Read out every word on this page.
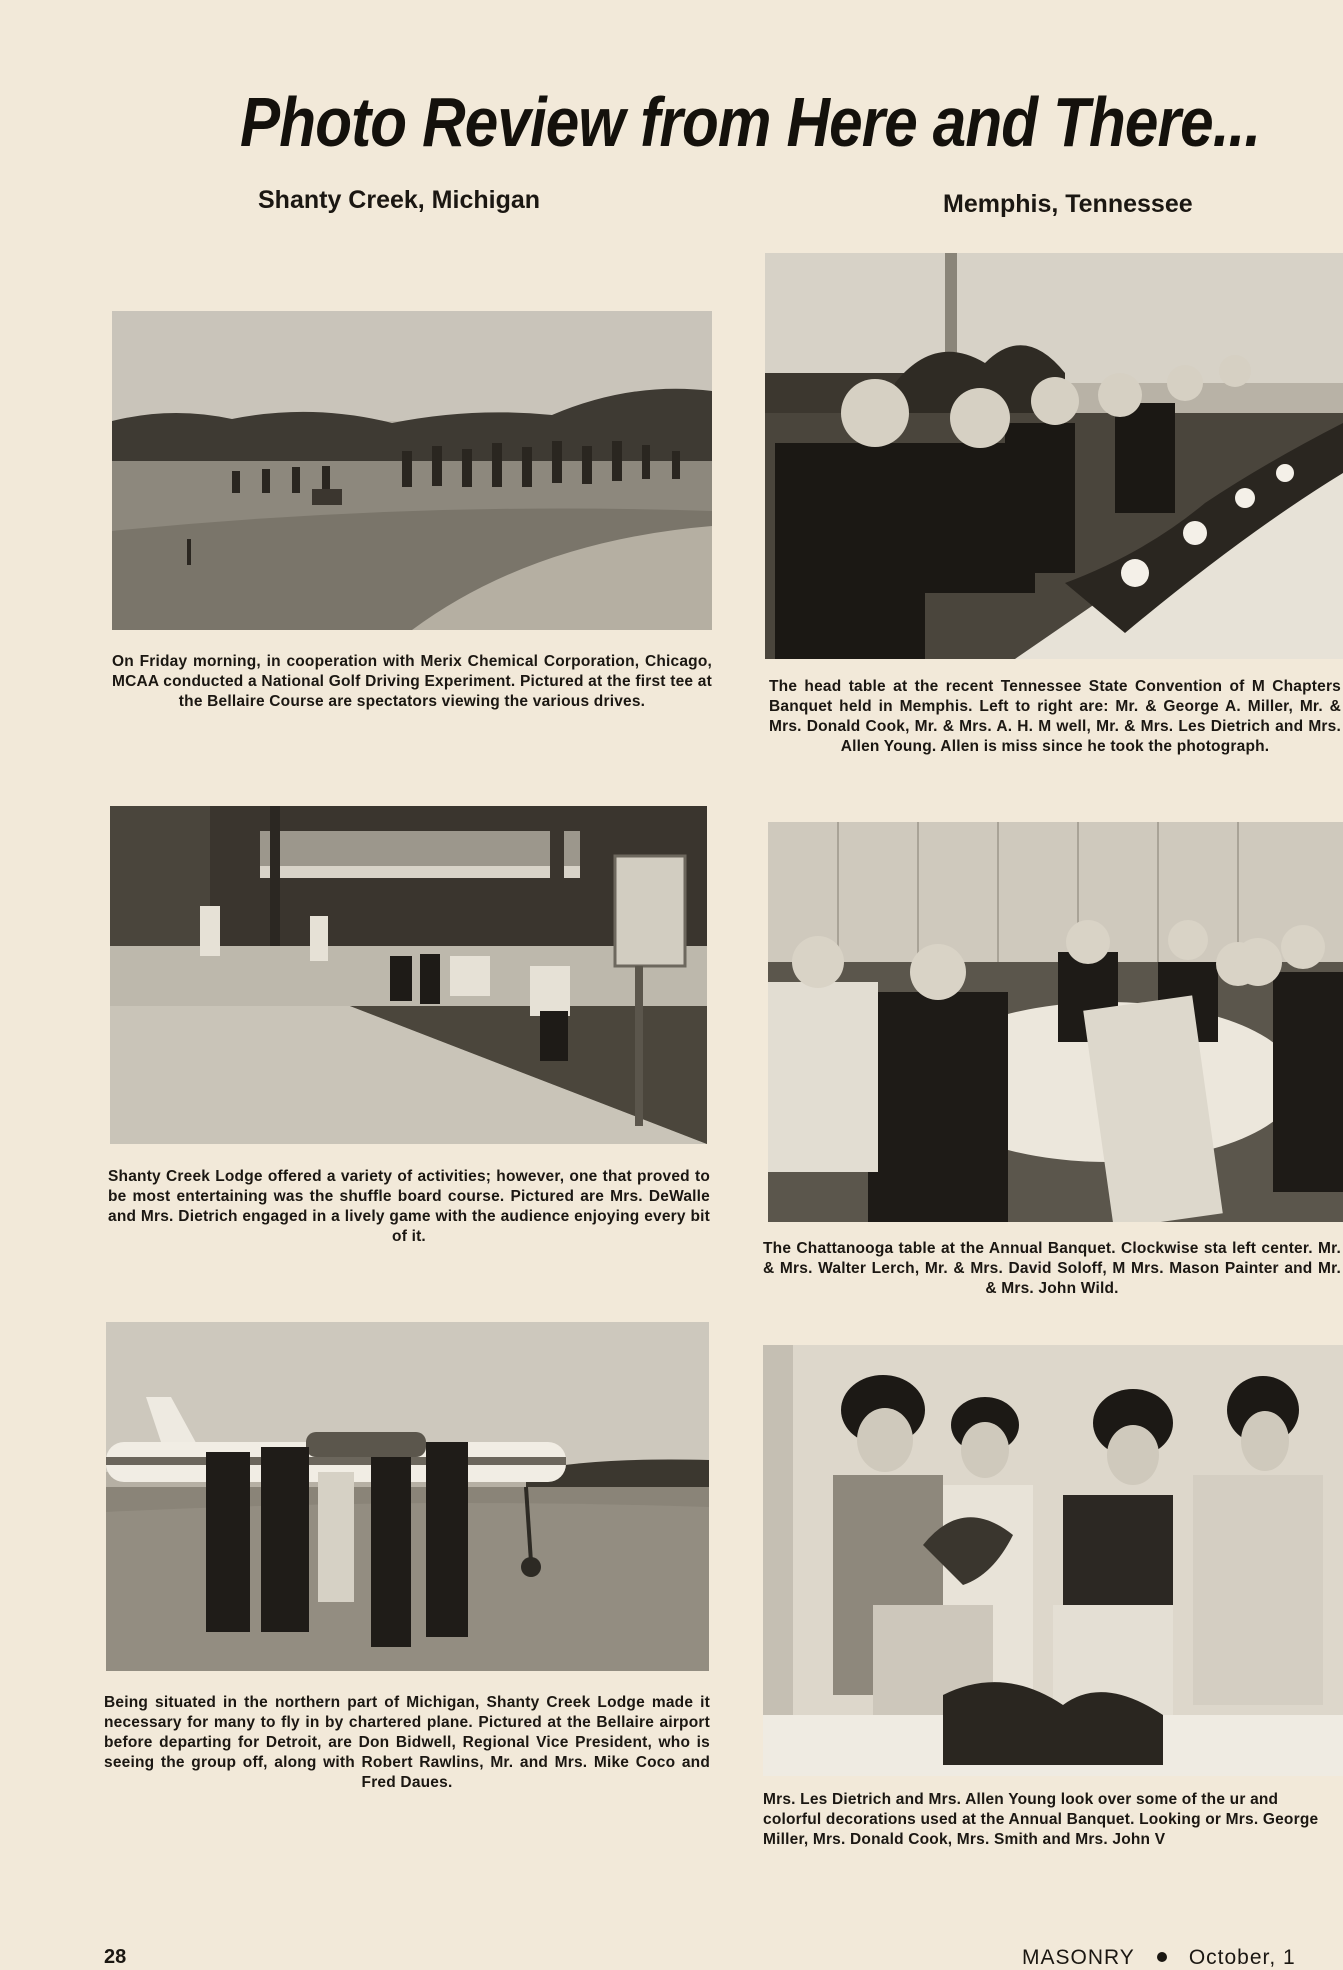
Photo Review from Here and There...
Shanty Creek, Michigan	Memphis, Tennessee
On Friday morning, in cooperation with Merix Chemical Corporation, Chicago, MCAA conducted a National Golf Driving Experiment. Pictured at the first tee at the Bellaire Course are spectators viewing the various drives.
Shanty Creek Lodge offered a variety of activities; however, one that proved to be most entertaining was the shuffle board course. Pictured are Mrs. DeWalle and Mrs. Dietrich engaged in a lively game with the audience enjoying every bit of it.
Being situated in the northern part of Michigan, Shanty Creek Lodge made it necessary for many to fly in by chartered plane. Pictured at the Bellaire airport before departing for Detroit, are Don Bidwell, Regional Vice President, who is seeing the group off, along with Robert Rawlins, Mr. and Mrs. Mike Coco and Fred Daues.
The head table at the recent Tennessee State Convention of M Chapters Banquet held in Memphis. Left to right are: Mr. & George A. Miller, Mr. & Mrs. Donald Cook, Mr. & Mrs. A. H. M well, Mr. & Mrs. Les Dietrich and Mrs. Allen Young. Allen is miss since he took the photograph.
The Chattanooga table at the Annual Banquet. Clockwise sta left center. Mr. & Mrs. Walter Lerch, Mr. & Mrs. David Soloff, M Mrs. Mason Painter and Mr. & Mrs. John Wild.
Mrs. Les Dietrich and Mrs. Allen Young look over some of the ur and colorful decorations used at the Annual Banquet. Looking or Mrs. George Miller, Mrs. Donald Cook, Mrs. Smith and Mrs. John V
28	MASONRY	October, 1
